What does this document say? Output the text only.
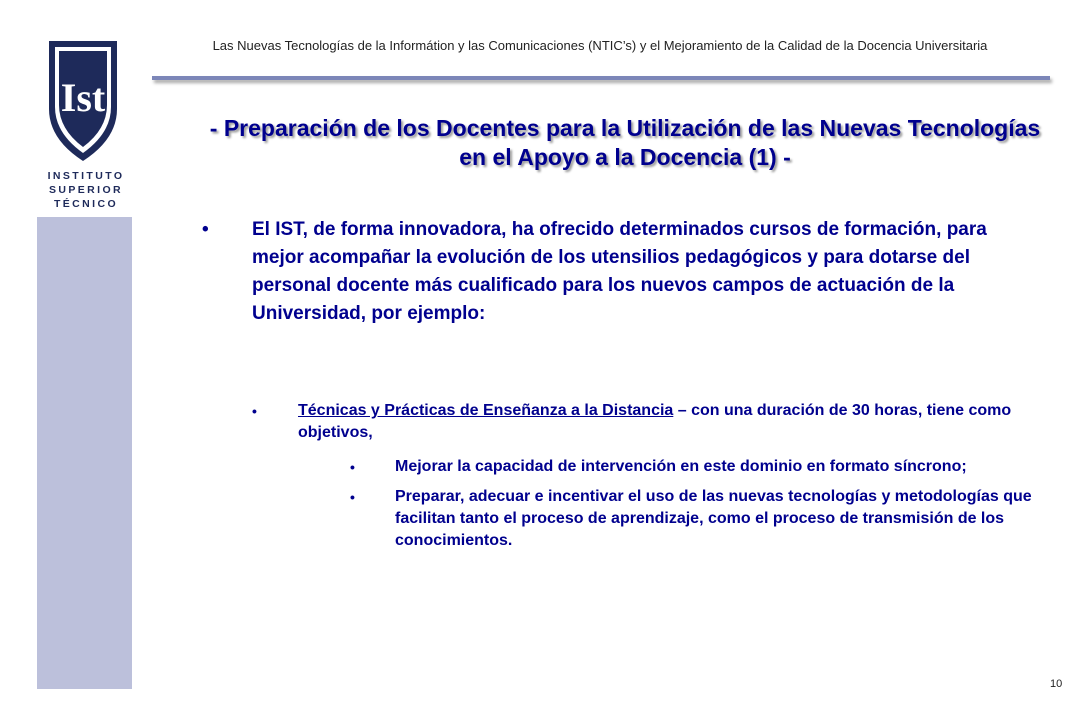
Ist
INSTITUTO
SUPERIOR
TÉCNICO
Las Nuevas Tecnologías de la Informátion y las Comunicaciones (NTIC’s) y el Mejoramiento de la Calidad de la Docencia Universitaria
- Preparación de los Docentes para la Utilización de las Nuevas Tecnologías en el Apoyo a la Docencia (1) -
• El IST, de forma innovadora, ha ofrecido determinados cursos de formación, para mejor acompañar la evolución de los utensilios pedagógicos y para dotarse del personal docente más cualificado para los nuevos campos de actuación de la Universidad, por ejemplo:
•	Técnicas y Prácticas de Enseñanza a la Distancia – con una duración de 30 horas, tiene como objetivos,
•	Mejorar la capacidad de intervención en este dominio en formato síncrono;
•	Preparar, adecuar e incentivar el uso de las nuevas tecnologías y metodologías que facilitan tanto el proceso de aprendizaje, como el proceso de transmisión de los conocimientos.
10
